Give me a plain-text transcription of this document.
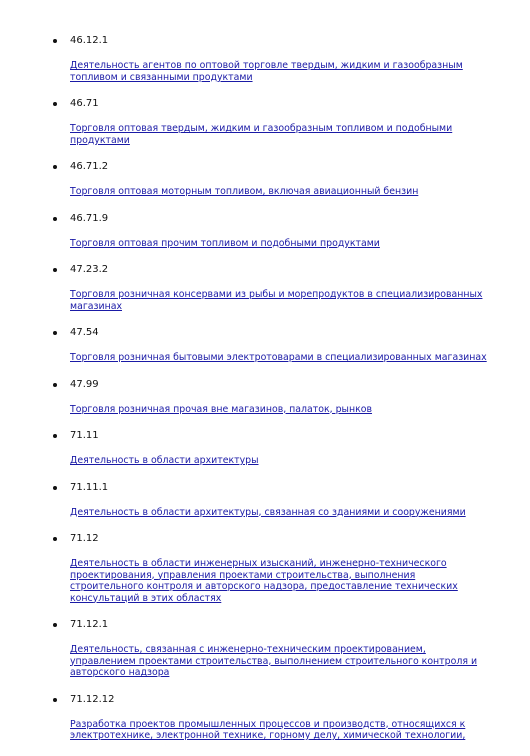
46.12.1
Деятельность агентов по оптовой торговле твердым, жидким и газообразным топливом и связанными продуктами
46.71
Торговля оптовая твердым, жидким и газообразным топливом и подобными продуктами
46.71.2
Торговля оптовая моторным топливом, включая авиационный бензин
46.71.9
Торговля оптовая прочим топливом и подобными продуктами
47.23.2
Торговля розничная консервами из рыбы и морепродуктов в специализированных магазинах
47.54
Торговля розничная бытовыми электротоварами в специализированных магазинах
47.99
Торговля розничная прочая вне магазинов, палаток, рынков
71.11
Деятельность в области архитектуры
71.11.1
Деятельность в области архитектуры, связанная со зданиями и сооружениями
71.12
Деятельность в области инженерных изысканий, инженерно-технического проектирования, управления проектами строительства, выполнения строительного контроля и авторского надзора, предоставление технических консультаций в этих областях
71.12.1
Деятельность, связанная с инженерно-техническим проектированием, управлением проектами строительства, выполнением строительного контроля и авторского надзора
71.12.12
Разработка проектов промышленных процессов и производств, относящихся к электротехнике, электронной технике, горному делу, химической технологии,
